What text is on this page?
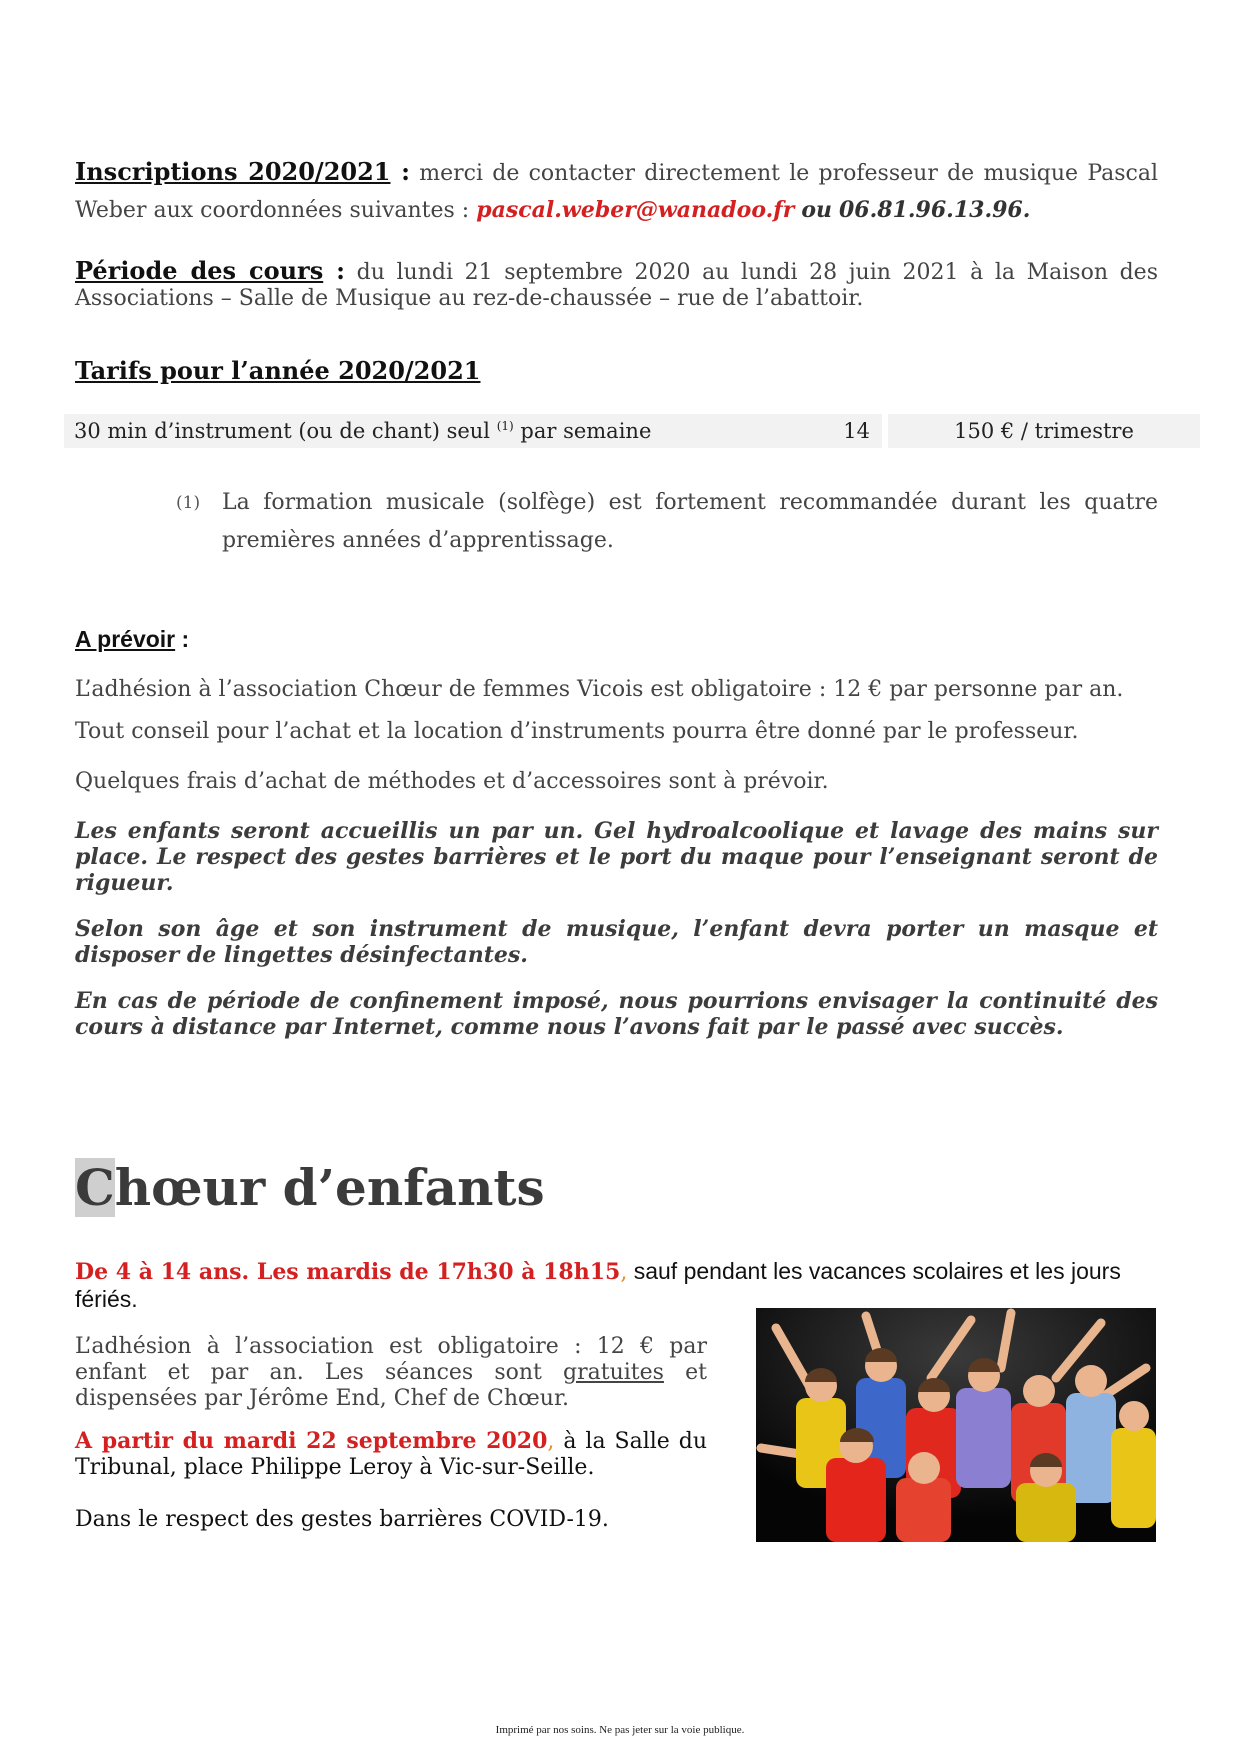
Inscriptions 2020/2021 : merci de contacter directement le professeur de musique Pascal Weber aux coordonnées suivantes : pascal.weber@wanadoo.fr ou 06.81.96.13.96.
Période des cours : du lundi 21 septembre 2020 au lundi 28 juin 2021 à la Maison des Associations – Salle de Musique au rez-de-chaussée – rue de l’abattoir.
Tarifs pour l’année 2020/2021
30 min d’instrument (ou de chant) seul $^{(1)}$ par semaine	14	150 € / trimestre
(1) La formation musicale (solfège) est fortement recommandée durant les quatre premières années d’apprentissage.
A prévoir :
L’adhésion à l’association Chœur de femmes Vicois est obligatoire : 12 € par personne par an.
Tout conseil pour l’achat et la location d’instruments pourra être donné par le professeur.
Quelques frais d’achat de méthodes et d’accessoires sont à prévoir.
Les enfants seront accueillis un par un. Gel hydroalcoolique et lavage des mains sur place. Le respect des gestes barrières et le port du maque pour l’enseignant seront de rigueur.
Selon son âge et son instrument de musique, l’enfant devra porter un masque et disposer de lingettes désinfectantes.
En cas de période de confinement imposé, nous pourrions envisager la continuité des cours à distance par Internet, comme nous l’avons fait par le passé avec succès.
Chœur d’enfants
De 4 à 14 ans. Les mardis de 17h30 à 18h15, sauf pendant les vacances scolaires et les jours fériés.
L’adhésion à l’association est obligatoire : 12 € par enfant et par an. Les séances sont gratuites et dispensées par Jérôme End, Chef de Chœur.
A partir du mardi 22 septembre 2020, à la Salle du Tribunal, place Philippe Leroy à Vic-sur-Seille.
Dans le respect des gestes barrières COVID-19.
Imprimé par nos soins. Ne pas jeter sur la voie publique.
